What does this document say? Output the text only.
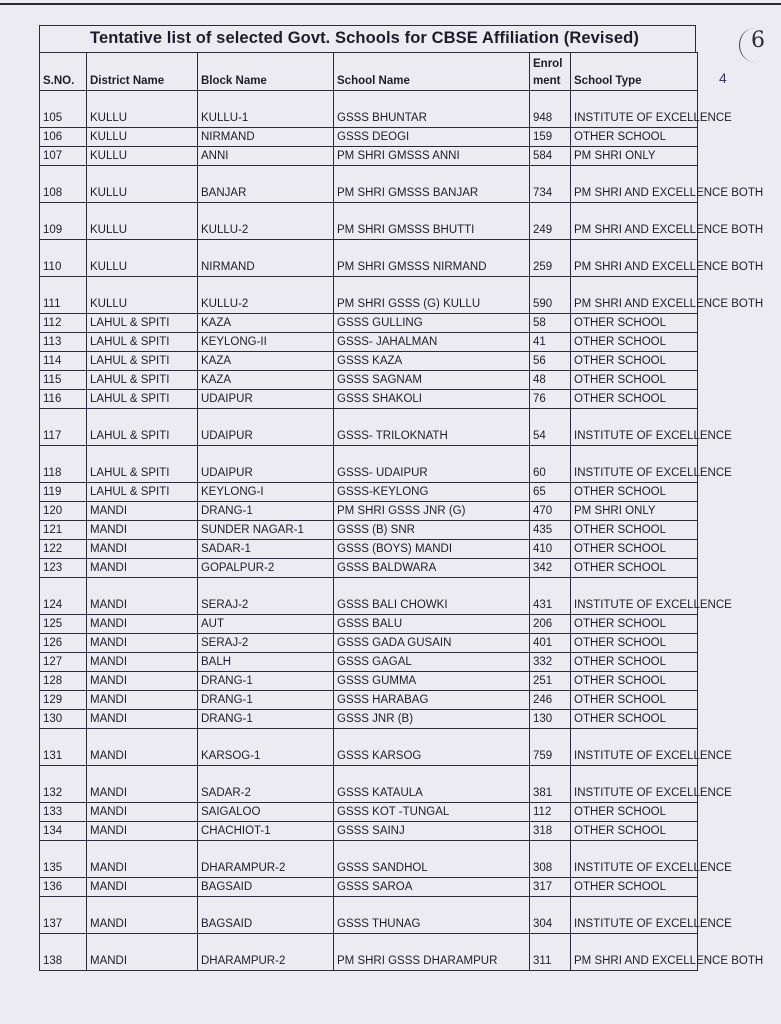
6
4
Tentative list of selected Govt. Schools for CBSE Affiliation (Revised)
S.NO.	District Name	Block Name	School Name	Enrol ment	School Type
105	KULLU	KULLU-1	GSSS BHUNTAR	948	INSTITUTE OF EXCELLENCE
106	KULLU	NIRMAND	GSSS DEOGI	159	OTHER SCHOOL
107	KULLU	ANNI	PM SHRI GMSSS ANNI	584	PM SHRI ONLY
108	KULLU	BANJAR	PM SHRI GMSSS BANJAR	734	PM SHRI AND EXCELLENCE BOTH
109	KULLU	KULLU-2	PM SHRI GMSSS BHUTTI	249	PM SHRI AND EXCELLENCE BOTH
110	KULLU	NIRMAND	PM SHRI GMSSS NIRMAND	259	PM SHRI AND EXCELLENCE BOTH
111	KULLU	KULLU-2	PM SHRI GSSS (G) KULLU	590	PM SHRI AND EXCELLENCE BOTH
112	LAHUL & SPITI	KAZA	GSSS GULLING	58	OTHER SCHOOL
113	LAHUL & SPITI	KEYLONG-II	GSSS- JAHALMAN	41	OTHER SCHOOL
114	LAHUL & SPITI	KAZA	GSSS KAZA	56	OTHER SCHOOL
115	LAHUL & SPITI	KAZA	GSSS SAGNAM	48	OTHER SCHOOL
116	LAHUL & SPITI	UDAIPUR	GSSS SHAKOLI	76	OTHER SCHOOL
117	LAHUL & SPITI	UDAIPUR	GSSS- TRILOKNATH	54	INSTITUTE OF EXCELLENCE
118	LAHUL & SPITI	UDAIPUR	GSSS- UDAIPUR	60	INSTITUTE OF EXCELLENCE
119	LAHUL & SPITI	KEYLONG-I	GSSS-KEYLONG	65	OTHER SCHOOL
120	MANDI	DRANG-1	PM SHRI GSSS JNR (G)	470	PM SHRI ONLY
121	MANDI	SUNDER NAGAR-1	GSSS (B) SNR	435	OTHER SCHOOL
122	MANDI	SADAR-1	GSSS (BOYS) MANDI	410	OTHER SCHOOL
123	MANDI	GOPALPUR-2	GSSS BALDWARA	342	OTHER SCHOOL
124	MANDI	SERAJ-2	GSSS BALI CHOWKI	431	INSTITUTE OF EXCELLENCE
125	MANDI	AUT	GSSS BALU	206	OTHER SCHOOL
126	MANDI	SERAJ-2	GSSS GADA GUSAIN	401	OTHER SCHOOL
127	MANDI	BALH	GSSS GAGAL	332	OTHER SCHOOL
128	MANDI	DRANG-1	GSSS GUMMA	251	OTHER SCHOOL
129	MANDI	DRANG-1	GSSS HARABAG	246	OTHER SCHOOL
130	MANDI	DRANG-1	GSSS JNR (B)	130	OTHER SCHOOL
131	MANDI	KARSOG-1	GSSS KARSOG	759	INSTITUTE OF EXCELLENCE
132	MANDI	SADAR-2	GSSS KATAULA	381	INSTITUTE OF EXCELLENCE
133	MANDI	SAIGALOO	GSSS KOT -TUNGAL	112	OTHER SCHOOL
134	MANDI	CHACHIOT-1	GSSS SAINJ	318	OTHER SCHOOL
135	MANDI	DHARAMPUR-2	GSSS SANDHOL	308	INSTITUTE OF EXCELLENCE
136	MANDI	BAGSAID	GSSS SAROA	317	OTHER SCHOOL
137	MANDI	BAGSAID	GSSS THUNAG	304	INSTITUTE OF EXCELLENCE
138	MANDI	DHARAMPUR-2	PM SHRI GSSS DHARAMPUR	311	PM SHRI AND EXCELLENCE BOTH
